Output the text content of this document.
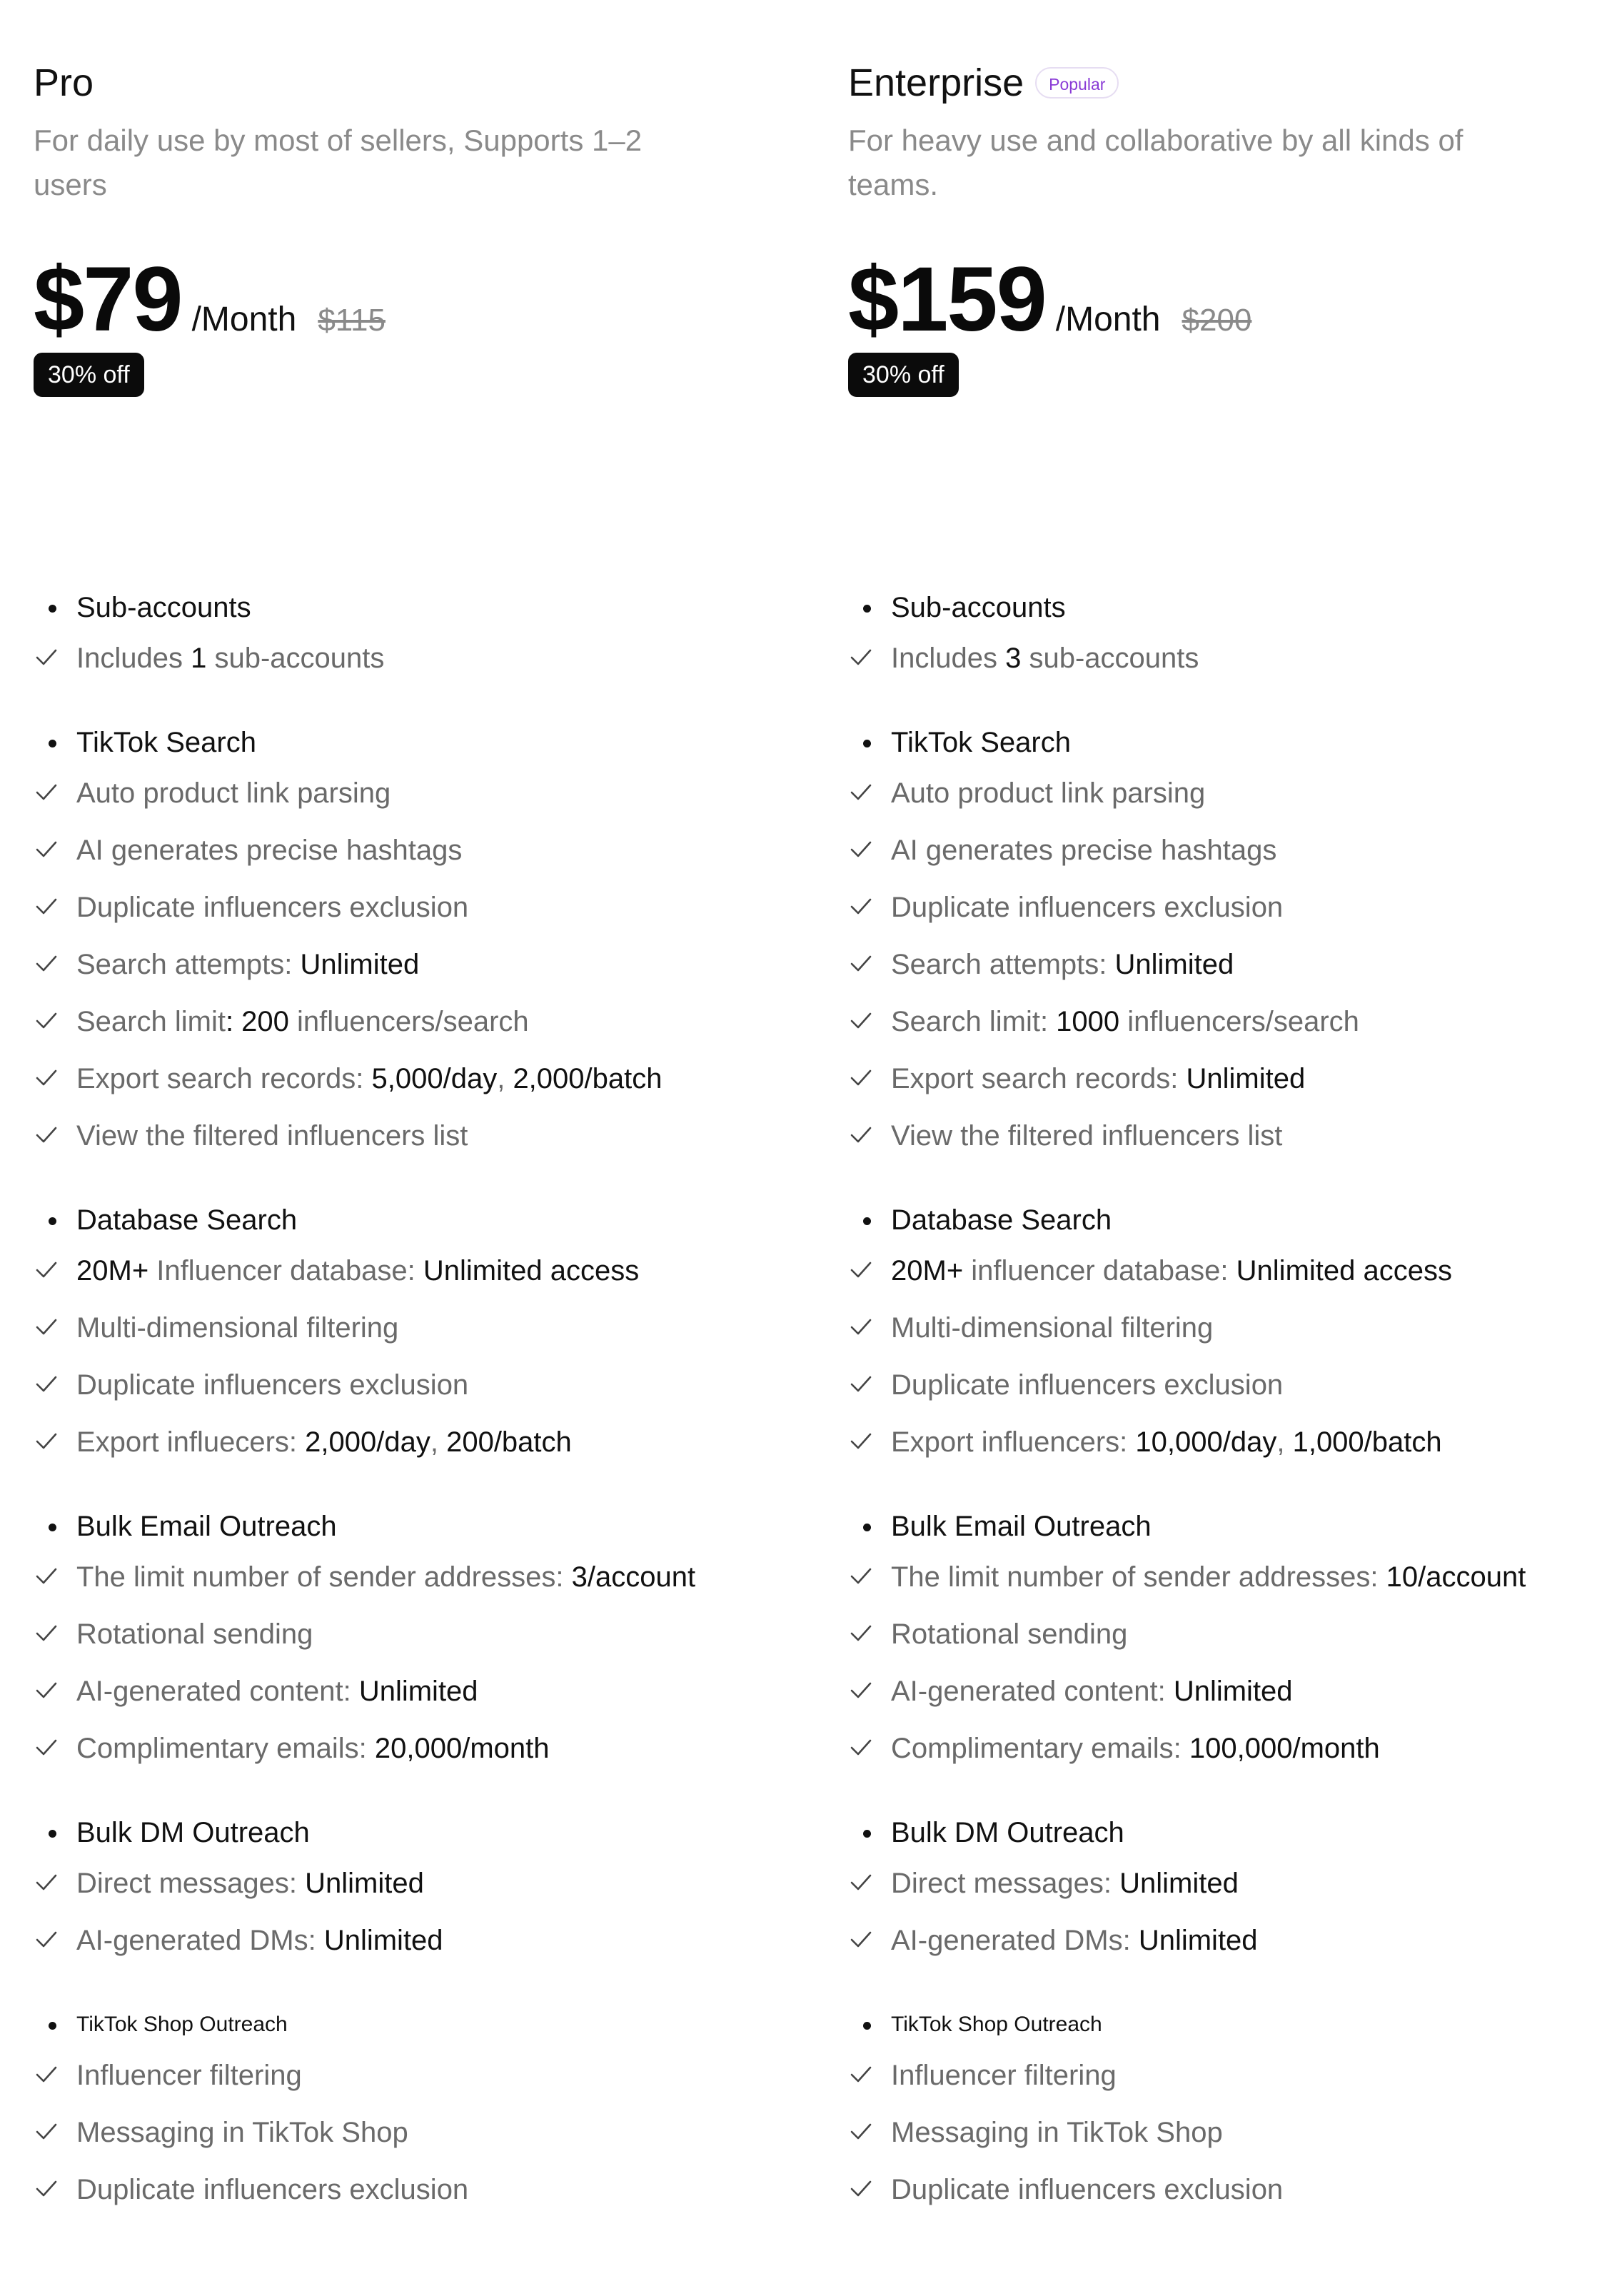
Pro
For daily use by most of sellers, Supports 1–2 users
$79 /Month $115
30% off
Sub-accounts
Includes 1 sub-accounts
TikTok Search
Auto product link parsing
AI generates precise hashtags
Duplicate influencers exclusion
Search attempts: Unlimited
Search limit: 200 influencers/search
Export search records: 5,000/day, 2,000/batch
View the filtered influencers list
Database Search
20M+ Influencer database: Unlimited access
Multi-dimensional filtering
Duplicate influencers exclusion
Export influecers: 2,000/day, 200/batch
Bulk Email Outreach
The limit number of sender addresses: 3/account
Rotational sending
AI-generated content: Unlimited
Complimentary emails: 20,000/month
Bulk DM Outreach
Direct messages: Unlimited
AI-generated DMs: Unlimited
TikTok Shop Outreach
Influencer filtering
Messaging in TikTok Shop
Duplicate influencers exclusion
Enterprise	Popular
For heavy use and collaborative by all kinds of teams.
$159 /Month $200
30% off
Sub-accounts
Includes 3 sub-accounts
TikTok Search
Auto product link parsing
AI generates precise hashtags
Duplicate influencers exclusion
Search attempts: Unlimited
Search limit: 1000 influencers/search
Export search records: Unlimited
View the filtered influencers list
Database Search
20M+ influencer database: Unlimited access
Multi-dimensional filtering
Duplicate influencers exclusion
Export influencers: 10,000/day, 1,000/batch
Bulk Email Outreach
The limit number of sender addresses: 10/account
Rotational sending
AI-generated content: Unlimited
Complimentary emails: 100,000/month
Bulk DM Outreach
Direct messages: Unlimited
AI-generated DMs: Unlimited
TikTok Shop Outreach
Influencer filtering
Messaging in TikTok Shop
Duplicate influencers exclusion
